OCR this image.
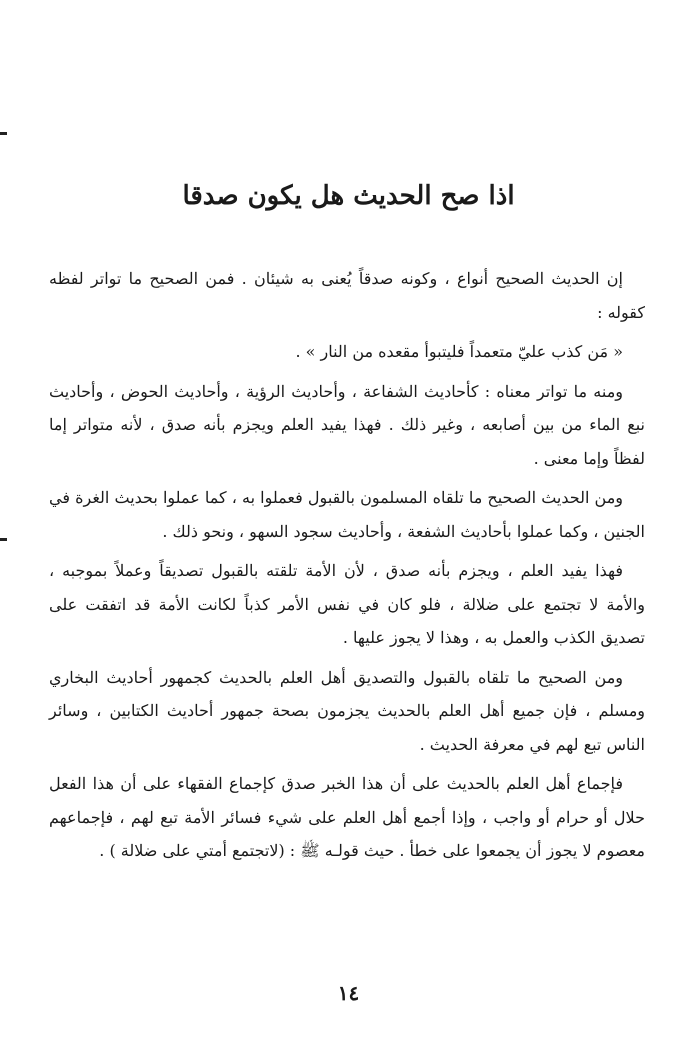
اذا صح الحديث هل يكون صدقا

إن الحديث الصحيح أنواع ، وكونه صدقاً يُعنى به شيئان . فمن الصحيح ما تواتر لفظه كقوله :

« مَن كذب عليّ متعمداً فليتبوأ مقعده من النار » .

ومنه ما تواتر معناه : كأحاديث الشفاعة ، وأحاديث الرؤية ، وأحاديث الحوض ، وأحاديث نبع الماء من بين أصابعه ، وغير ذلك . فهذا يفيد العلم ويجزم بأنه صدق ، لأنه متواتر إما لفظاً وإما معنى .

ومن الحديث الصحيح ما تلقاه المسلمون بالقبول فعملوا به ، كما عملوا بحديث الغرة في الجنين ، وكما عملوا بأحاديث الشفعة ، وأحاديث سجود السهو ، ونحو ذلك .

فهذا يفيد العلم ، ويجزم بأنه صدق ، لأن الأمة تلقته بالقبول تصديقاً وعملاً بموجبه ، والأمة لا تجتمع على ضلالة ، فلو كان في نفس الأمر كذباً لكانت الأمة قد اتفقت على تصديق الكذب والعمل به ، وهذا لا يجوز عليها .

ومن الصحيح ما تلقاه بالقبول والتصديق أهل العلم بالحديث كجمهور أحاديث البخاري ومسلم ، فإن جميع أهل العلم بالحديث يجزمون بصحة جمهور أحاديث الكتابين ، وسائر الناس تبع لهم في معرفة الحديث .

فإجماع أهل العلم بالحديث على أن هذا الخبر صدق كإجماع الفقهاء على أن هذا الفعل حلال أو حرام أو واجب ، وإذا أجمع أهل العلم على شيء فسائر الأمة تبع لهم ، فإجماعهم معصوم لا يجوز أن يجمعوا على خطأ . حيث قولـه ﷺ : (لاتجتمع أمتي على ضلالة ) .

١٤
